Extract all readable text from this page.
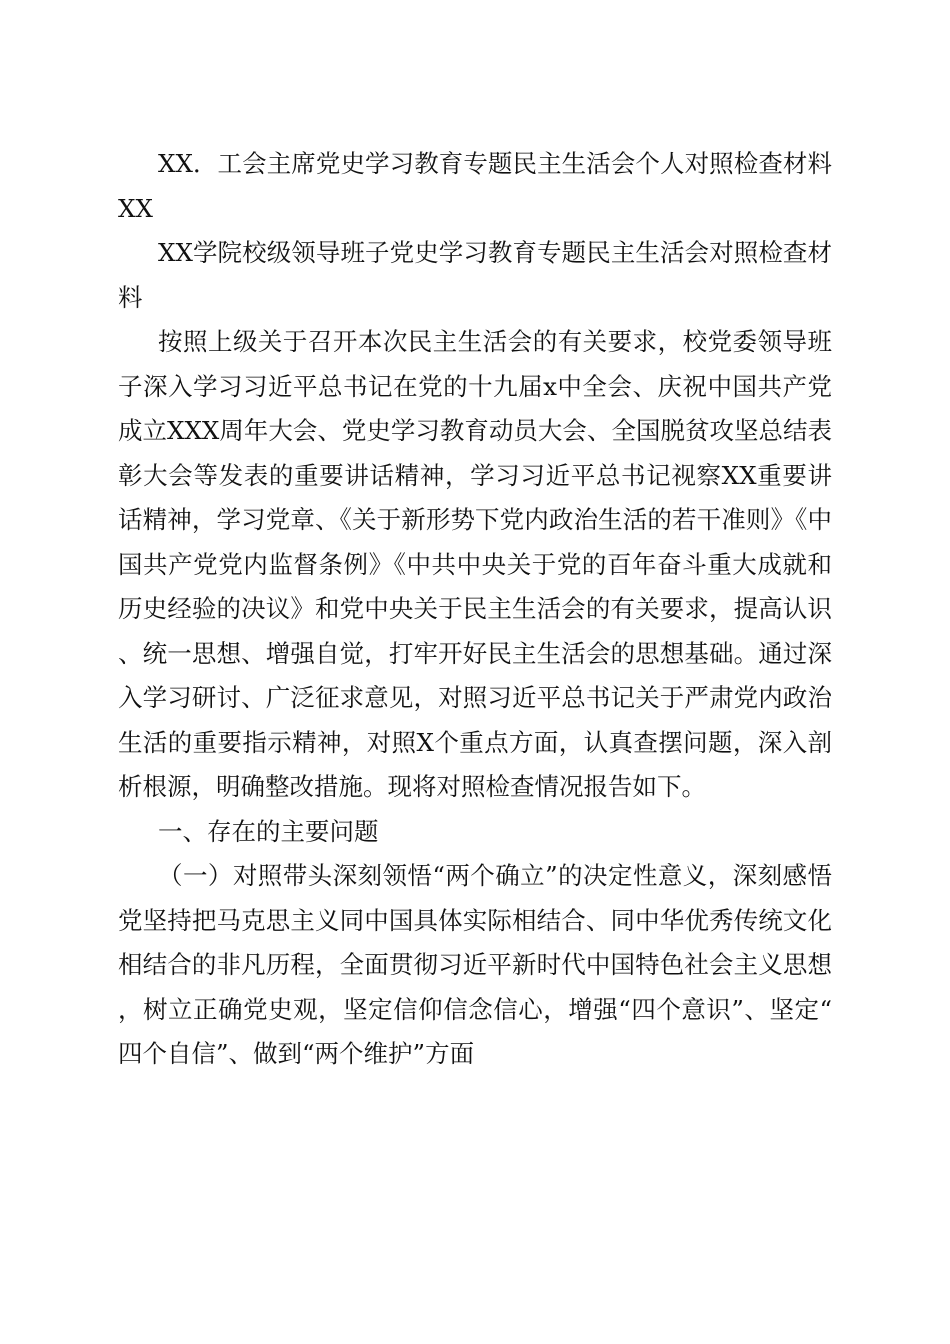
XX．工会主席党史学习教育专题民主生活会个人对照检查材料XX

XX学院校级领导班子党史学习教育专题民主生活会对照检查材料

按照上级关于召开本次民主生活会的有关要求，校党委领导班子深入学习习近平总书记在党的十九届x中全会、庆祝中国共产党成立XXX周年大会、党史学习教育动员大会、全国脱贫攻坚总结表彰大会等发表的重要讲话精神，学习习近平总书记视察XX重要讲话精神，学习党章、《关于新形势下党内政治生活的若干准则》《中国共产党党内监督条例》《中共中央关于党的百年奋斗重大成就和历史经验的决议》和党中央关于民主生活会的有关要求，提高认识、统一思想、增强自觉，打牢开好民主生活会的思想基础。通过深入学习研讨、广泛征求意见，对照习近平总书记关于严肃党内政治生活的重要指示精神，对照X个重点方面，认真查摆问题，深入剖析根源，明确整改措施。现将对照检查情况报告如下。

一、存在的主要问题

（一）对照带头深刻领悟“两个确立”的决定性意义，深刻感悟党坚持把马克思主义同中国具体实际相结合、同中华优秀传统文化相结合的非凡历程，全面贯彻习近平新时代中国特色社会主义思想，树立正确党史观，坚定信仰信念信心，增强“四个意识”、坚定“四个自信”、做到“两个维护”方面
